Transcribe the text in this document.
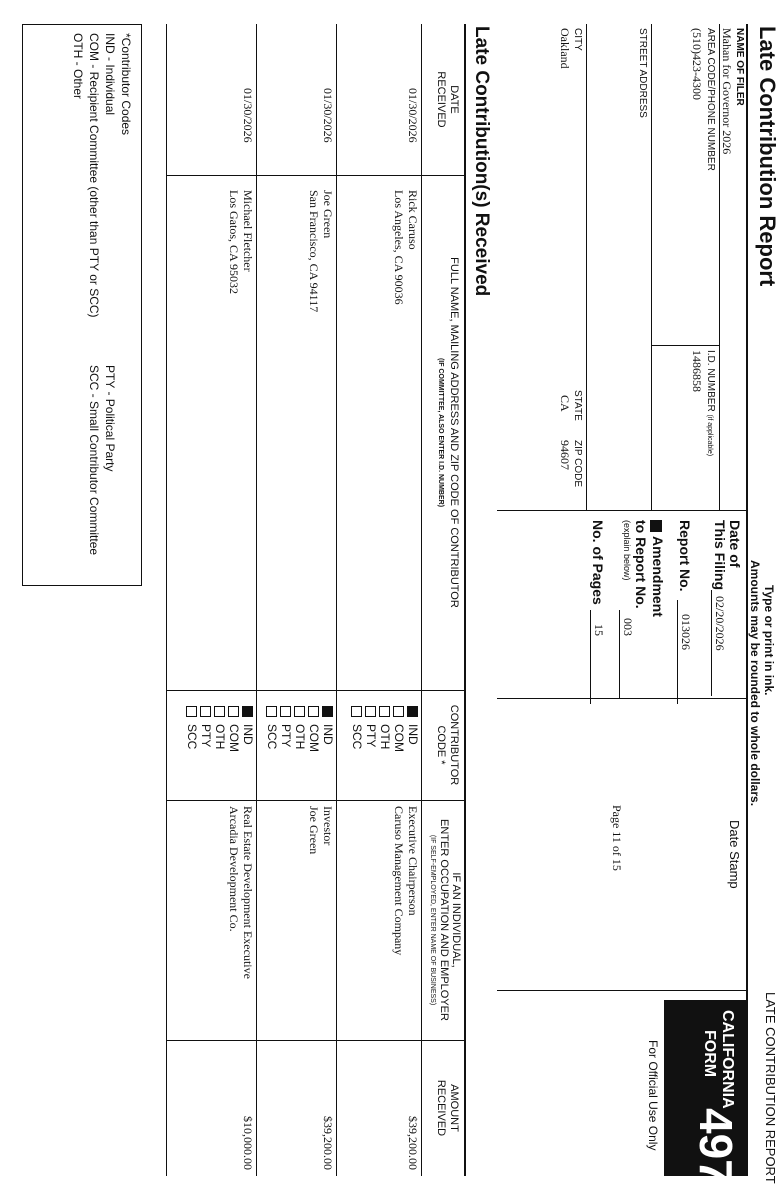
Late Contribution Report
Type or print in ink.
Amounts may be rounded to whole dollars.
LATE CONTRIBUTION REPORT
NAME OF FILER
Mahan for Governor 2026
AREA CODE/PHONE NUMBER
(510)423-4300
I.D. NUMBER (if applicable)
1486858
STREET ADDRESS
CITY
Oakland
STATE
CA
ZIP CODE
94607
Date of
This Filing
02/20/2026
Report No.
013026
Amendment
to Report No.
(explain below)
003
No. of Pages
15
Date Stamp
Page 11 of 15
CALIFORNIA
FORM
497
For Official Use Only
Late Contribution(s) Received
DATE
RECEIVED
FULL NAME, MAILING ADDRESS AND ZIP CODE OF CONTRIBUTOR
(IF COMMITTEE, ALSO ENTER I.D. NUMBER)
CONTRIBUTOR
CODE *
IF AN INDIVIDUAL,
ENTER OCCUPATION AND EMPLOYER
(IF SELF-EMPLOYED, ENTER NAME OF BUSINESS)
AMOUNT
RECEIVED
01/30/2026
Rick Caruso
Los Angeles, CA 90036
IND
COM
OTH
PTY
SCC
Executive Chairperson
Caruso Management Company
$39,200.00
01/30/2026
Joe Green
San Francisco, CA 94117
IND
COM
OTH
PTY
SCC
Investor
Joe Green
$39,200.00
01/30/2026
Michael Fletcher
Los Gatos, CA 95032
IND
COM
OTH
PTY
SCC
Real Estate Development Executive
Arcadia Development Co.
$10,000.00
*Contributor Codes
IND - Individual
COM - Recipient Committee (other than PTY or SCC)
OTH - Other
PTY - Political Party
SCC - Small Contributor Committee
